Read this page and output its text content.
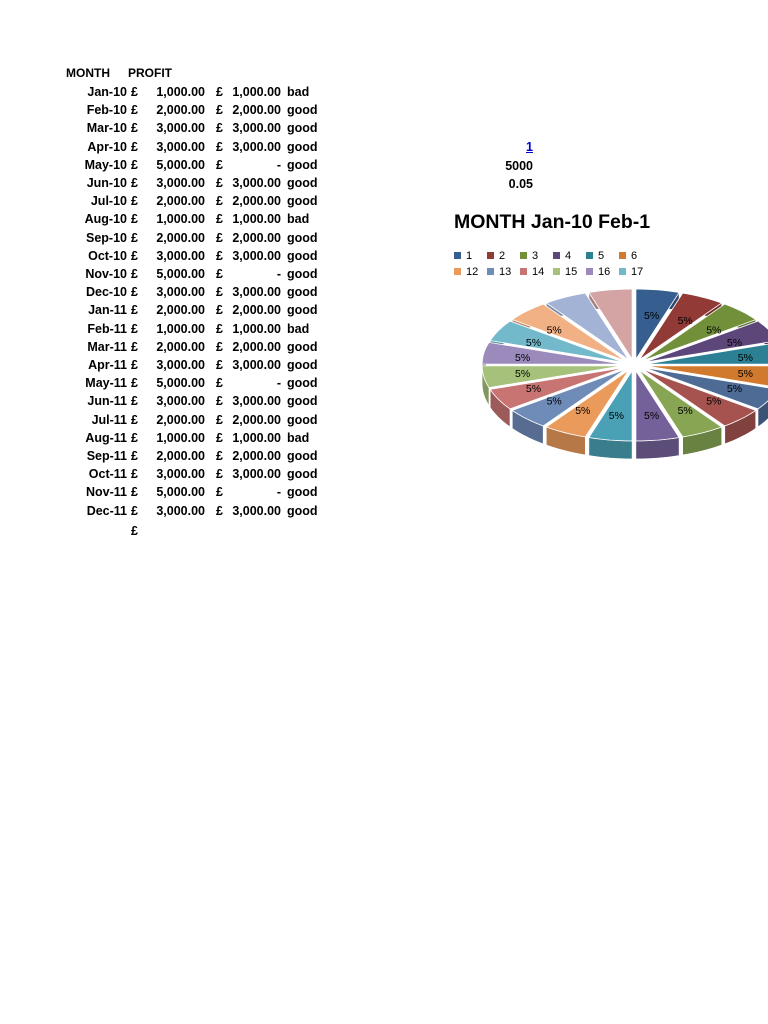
MONTH PROFIT
Jan-10 £ 1,000.00 £ 1,000.00 bad
Feb-10 £ 2,000.00 £ 2,000.00 good
Mar-10 £ 3,000.00 £ 3,000.00 good
Apr-10 £ 3,000.00 £ 3,000.00 good
May-10 £ 5,000.00 £	- good
Jun-10 £ 3,000.00 £ 3,000.00 good
Jul-10 £ 2,000.00 £ 2,000.00 good
Aug-10 £ 1,000.00 £ 1,000.00 bad
Sep-10 £ 2,000.00 £ 2,000.00 good
Oct-10 £ 3,000.00 £ 3,000.00 good
Nov-10 £ 5,000.00 £	- good
Dec-10 £ 3,000.00 £ 3,000.00 good
Jan-11 £ 2,000.00 £ 2,000.00 good
Feb-11 £ 1,000.00 £ 1,000.00 bad
Mar-11 £ 2,000.00 £ 2,000.00 good
Apr-11 £ 3,000.00 £ 3,000.00 good
May-11 £ 5,000.00 £	- good
Jun-11 £ 3,000.00 £ 3,000.00 good
Jul-11 £ 2,000.00 £ 2,000.00 good
Aug-11 £ 1,000.00 £ 1,000.00 bad
Sep-11 £ 2,000.00 £ 2,000.00 good
Oct-11 £ 3,000.00 £ 3,000.00 good
Nov-11 £ 5,000.00 £	- good
Dec-11 £ 3,000.00 £ 3,000.00 good
£
1
5000
0.05
1 2 3 4 5 6
12 13 14 15 16 17
5% 5%
5%
5%
5%
5%
5%
5%
5%
5%
5%
5%
5%
5%
5%
5%
5%
5%
MONTH Jan-10 Feb-1
